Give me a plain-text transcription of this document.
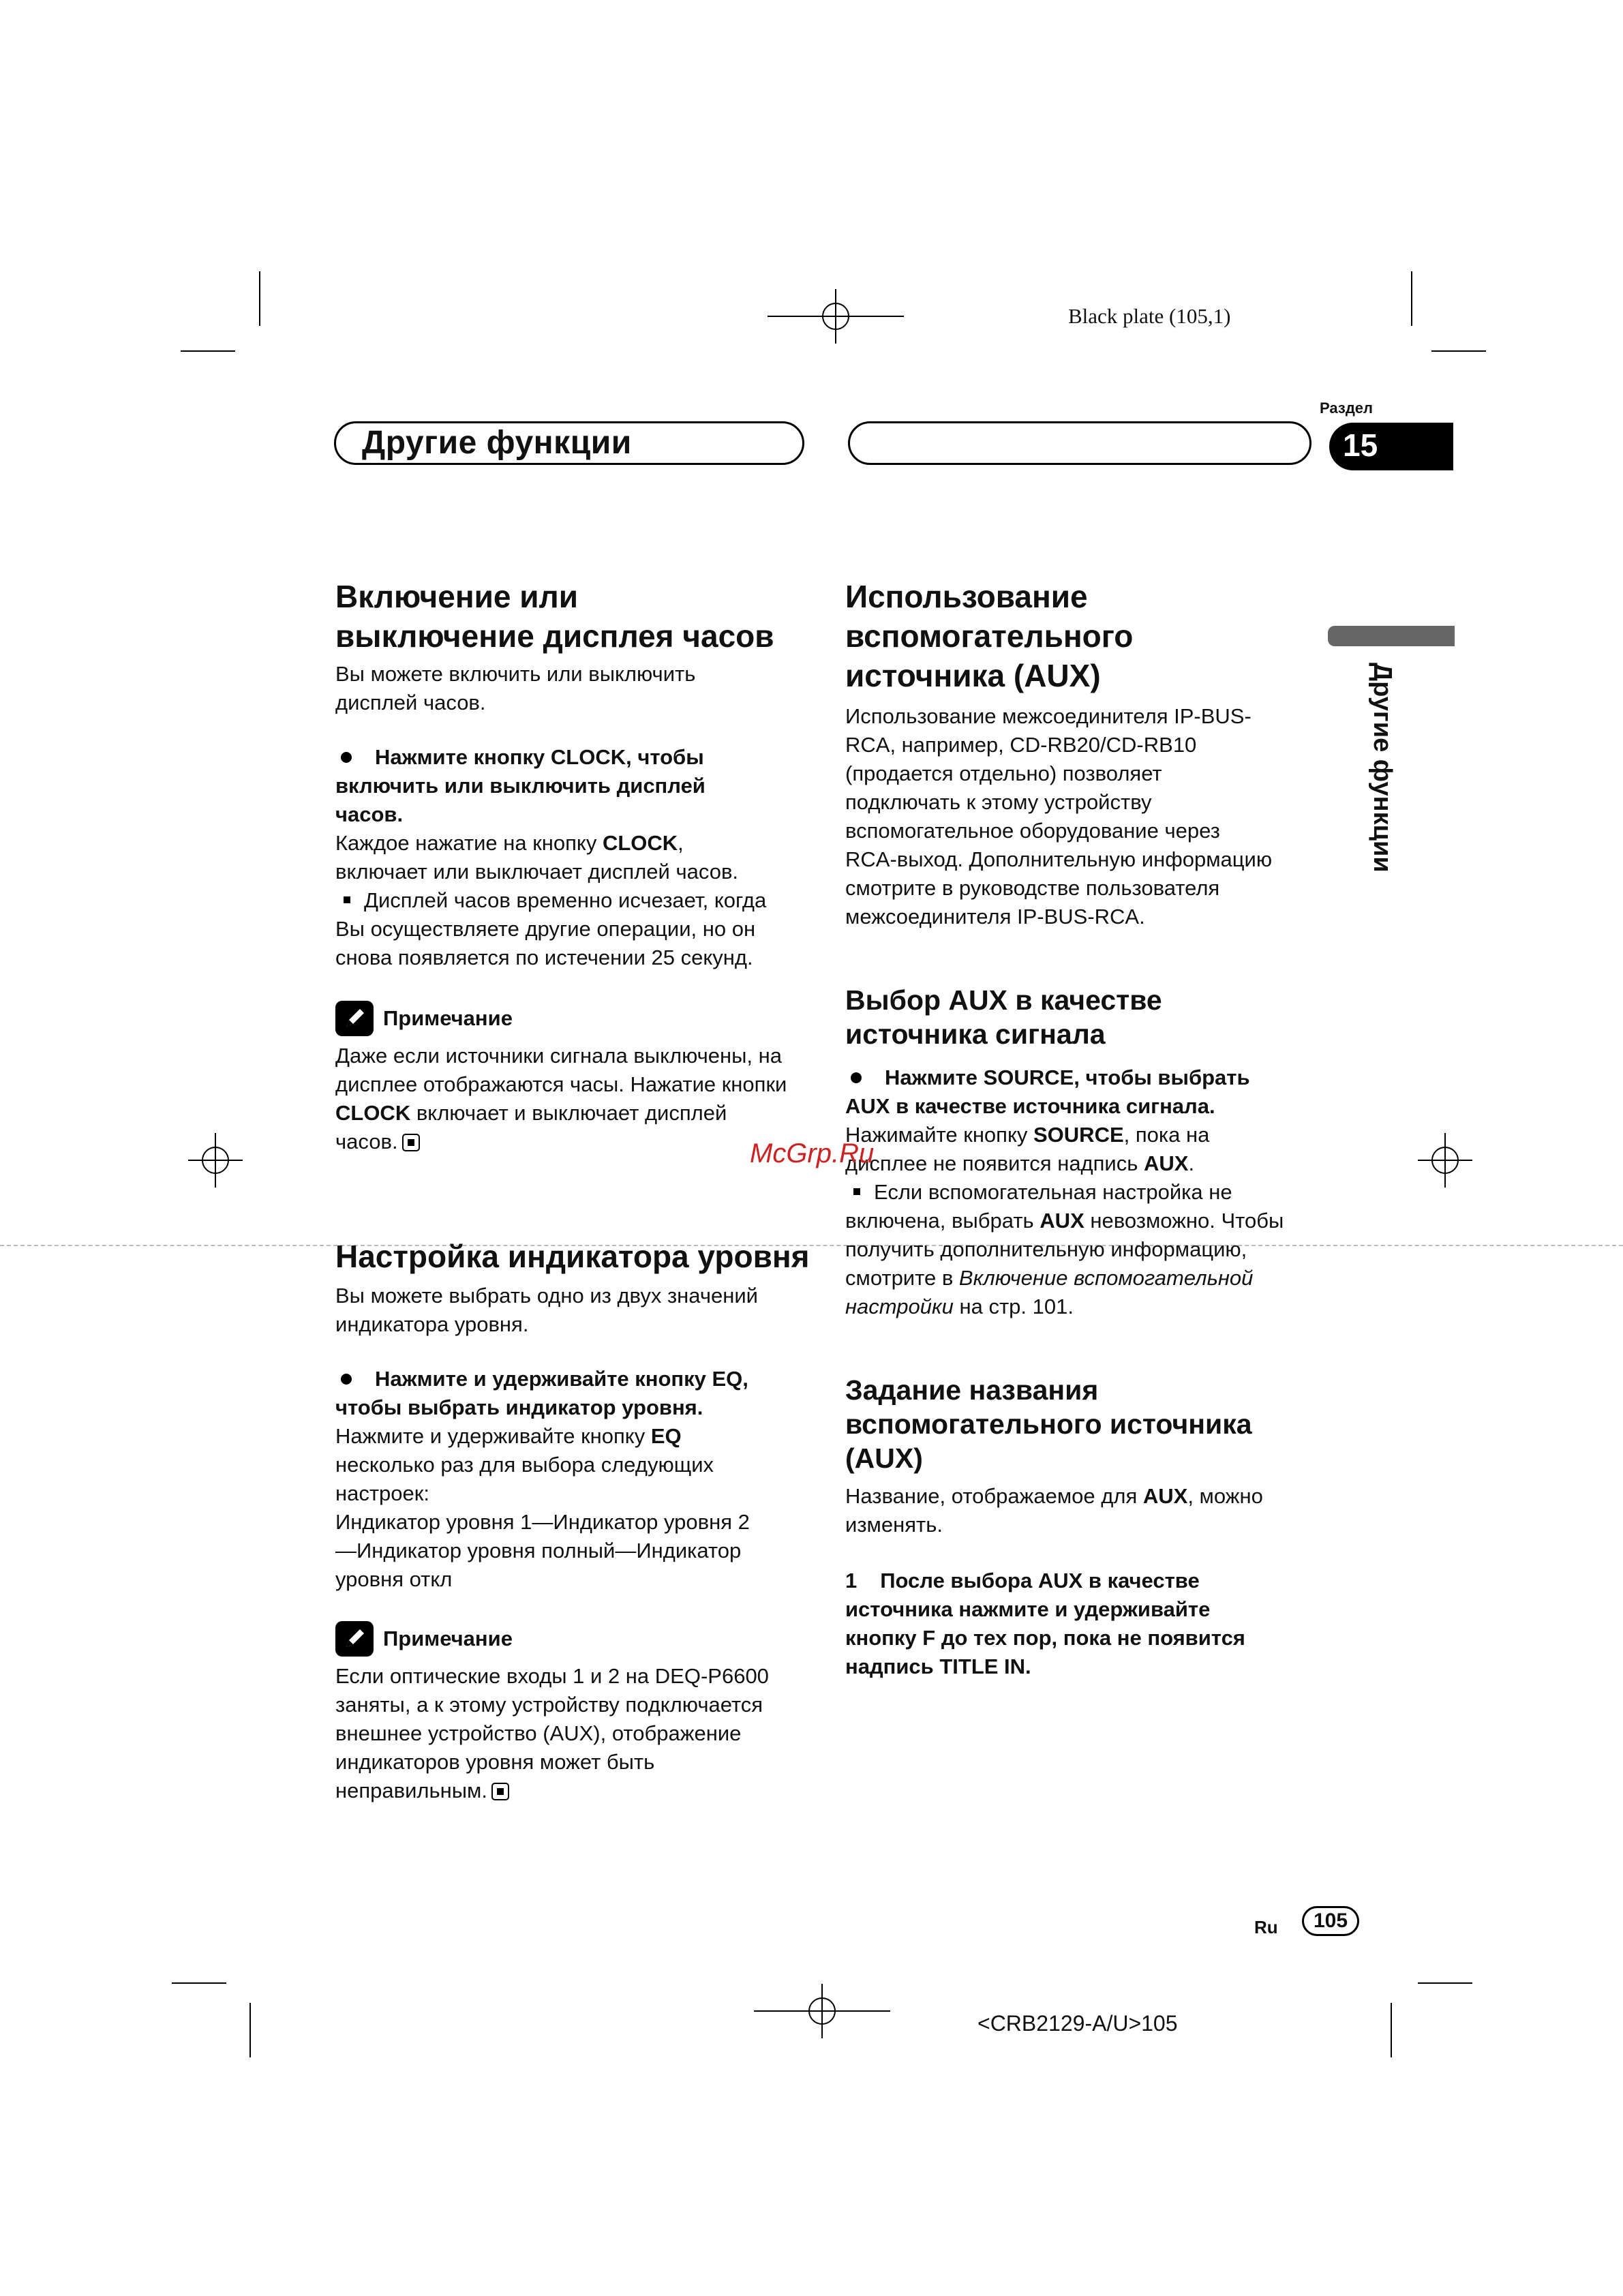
Black plate (105,1)
Другие функции
Раздел
15
Другие функции
Включение или
выключение дисплея часов

Вы можете включить или выключить
дисплей часов.

Нажмите кнопку CLOCK, чтобы
включить или выключить дисплей
часов.

Каждое нажатие на кнопку CLOCK,
включает или выключает дисплей часов.

Дисплей часов временно исчезает, когда
Вы осуществляете другие операции, но он
снова появляется по истечении 25 секунд.

Примечание

Даже если источники сигнала выключены, на
дисплее отображаются часы. Нажатие кнопки
CLOCK включает и выключает дисплей
часов.

Настройка индикатора уровня

Вы можете выбрать одно из двух значений
индикатора уровня.

Нажмите и удерживайте кнопку EQ,
чтобы выбрать индикатор уровня.

Нажмите и удерживайте кнопку EQ
несколько раз для выбора следующих
настроек:
Индикатор уровня 1—Индикатор уровня 2
—Индикатор уровня полный—Индикатор
уровня откл

Примечание

Если оптические входы 1 и 2 на DEQ-P6600
заняты, а к этому устройству подключается
внешнее устройство (AUX), отображение
индикаторов уровня может быть
неправильным.

Использование
вспомогательного
источника (AUX)

Использование межсоединителя IP-BUS-
RCA, например, CD-RB20/CD-RB10
(продается отдельно) позволяет
подключать к этому устройству
вспомогательное оборудование через
RCA-выход. Дополнительную информацию
смотрите в руководстве пользователя
межсоединителя IP-BUS-RCA.

Выбор AUX в качестве
источника сигнала

Нажмите SOURCE, чтобы выбрать
AUX в качестве источника сигнала.

Нажимайте кнопку SOURCE, пока на
дисплее не появится надпись AUX.

Если вспомогательная настройка не
включена, выбрать AUX невозможно. Чтобы
получить дополнительную информацию,
смотрите в Включение вспомогательной
настройки на стр. 101.

Задание названия
вспомогательного источника
(AUX)

Название, отображаемое для AUX, можно
изменять.

1 После выбора AUX в качестве
источника нажмите и удерживайте
кнопку F до тех пор, пока не появится
надпись TITLE IN.

McGrp.Ru
Ru	105
<CRB2129-A/U>105
